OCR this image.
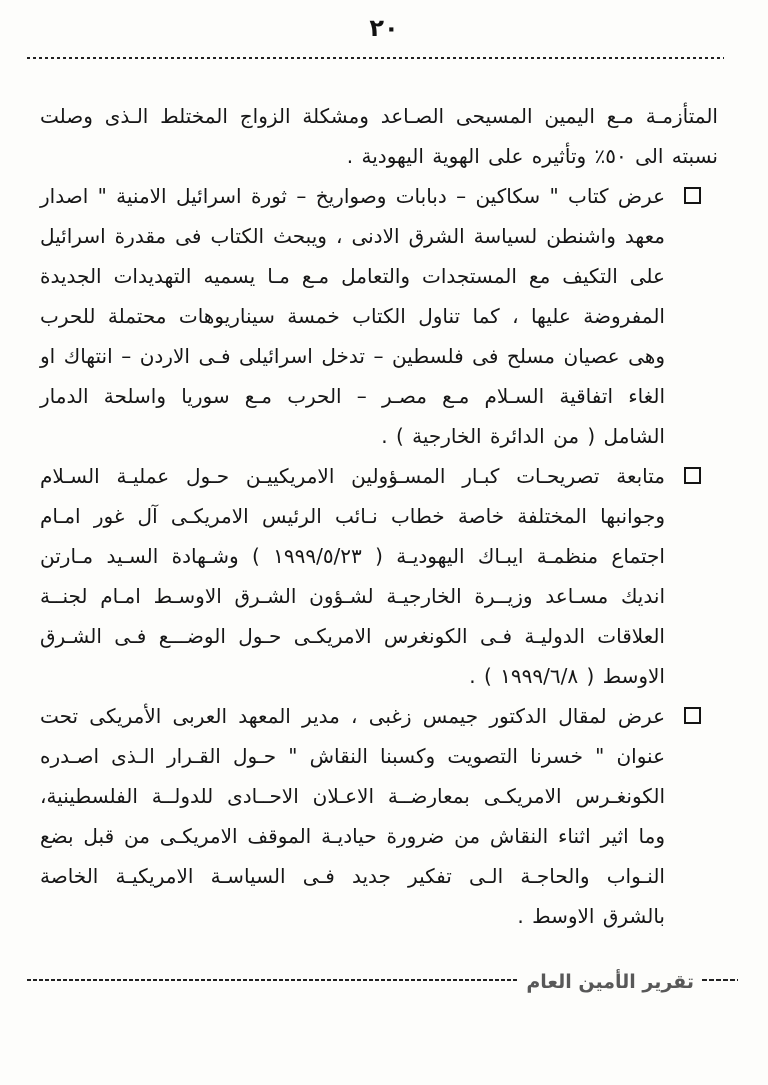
٢٠

المتأزمـة مـع اليمين المسيحى الصـاعد ومشكلة الزواج المختلط الـذى وصلت نسبته الى ٥٠٪ وتأثيره على الهوية اليهودية .

عرض كتاب " سكاكين – دبابات وصواريخ – ثورة اسرائيل الامنية " اصدار معهد واشنطن لسياسة الشرق الادنى ، ويبحث الكتاب فى مقدرة اسرائيل على التكيف مع المستجدات والتعامل مـع مـا يسميه التهديدات الجديدة المفروضة عليها ، كما تناول الكتاب خمسة سيناريوهات محتملة للحرب وهى عصيان مسلح فى فلسطين – تدخل اسرائيلى فـى الاردن – انتهاك او الغاء اتفاقية السـلام مـع مصـر – الحرب مـع سوريا واسلحة الدمار الشامل ( من الدائرة الخارجية ) .
متابعة تصريحـات كبـار المسـؤولين الامريكييـن حـول عمليـة السـلام وجوانبها المختلفة خاصة خطاب نـائب الرئيس الامريكـى آل غور امـام اجتماع منظمـة ايبـاك اليهوديـة ( ١٩٩٩/٥/٢٣ ) وشـهادة السـيد مـارتن انديك مسـاعد وزيــرة الخارجيـة لشـؤون الشـرق الاوسـط امـام لجنــة العلاقات الدوليـة فـى الكونغرس الامريكـى حـول الوضـــع فـى الشـرق الاوسط ( ١٩٩٩/٦/٨ ) .
عرض لمقال الدكتور جيمس زغبى ، مدير المعهد العربى الأمريكى تحت عنوان " خسرنا التصويت وكسبنا النقاش " حـول القـرار الـذى اصـدره الكونغـرس الامريكـى بمعارضــة الاعـلان الاحــادى للدولــة الفلسطينية، وما اثير اثناء النقاش من ضرورة حياديـة الموقف الامريكـى من قبل بضع النـواب والحاجـة الـى تفكير جديد فـى السياسـة الامريكيـة الخاصة بالشرق الاوسط .
تقرير الأمين العام
